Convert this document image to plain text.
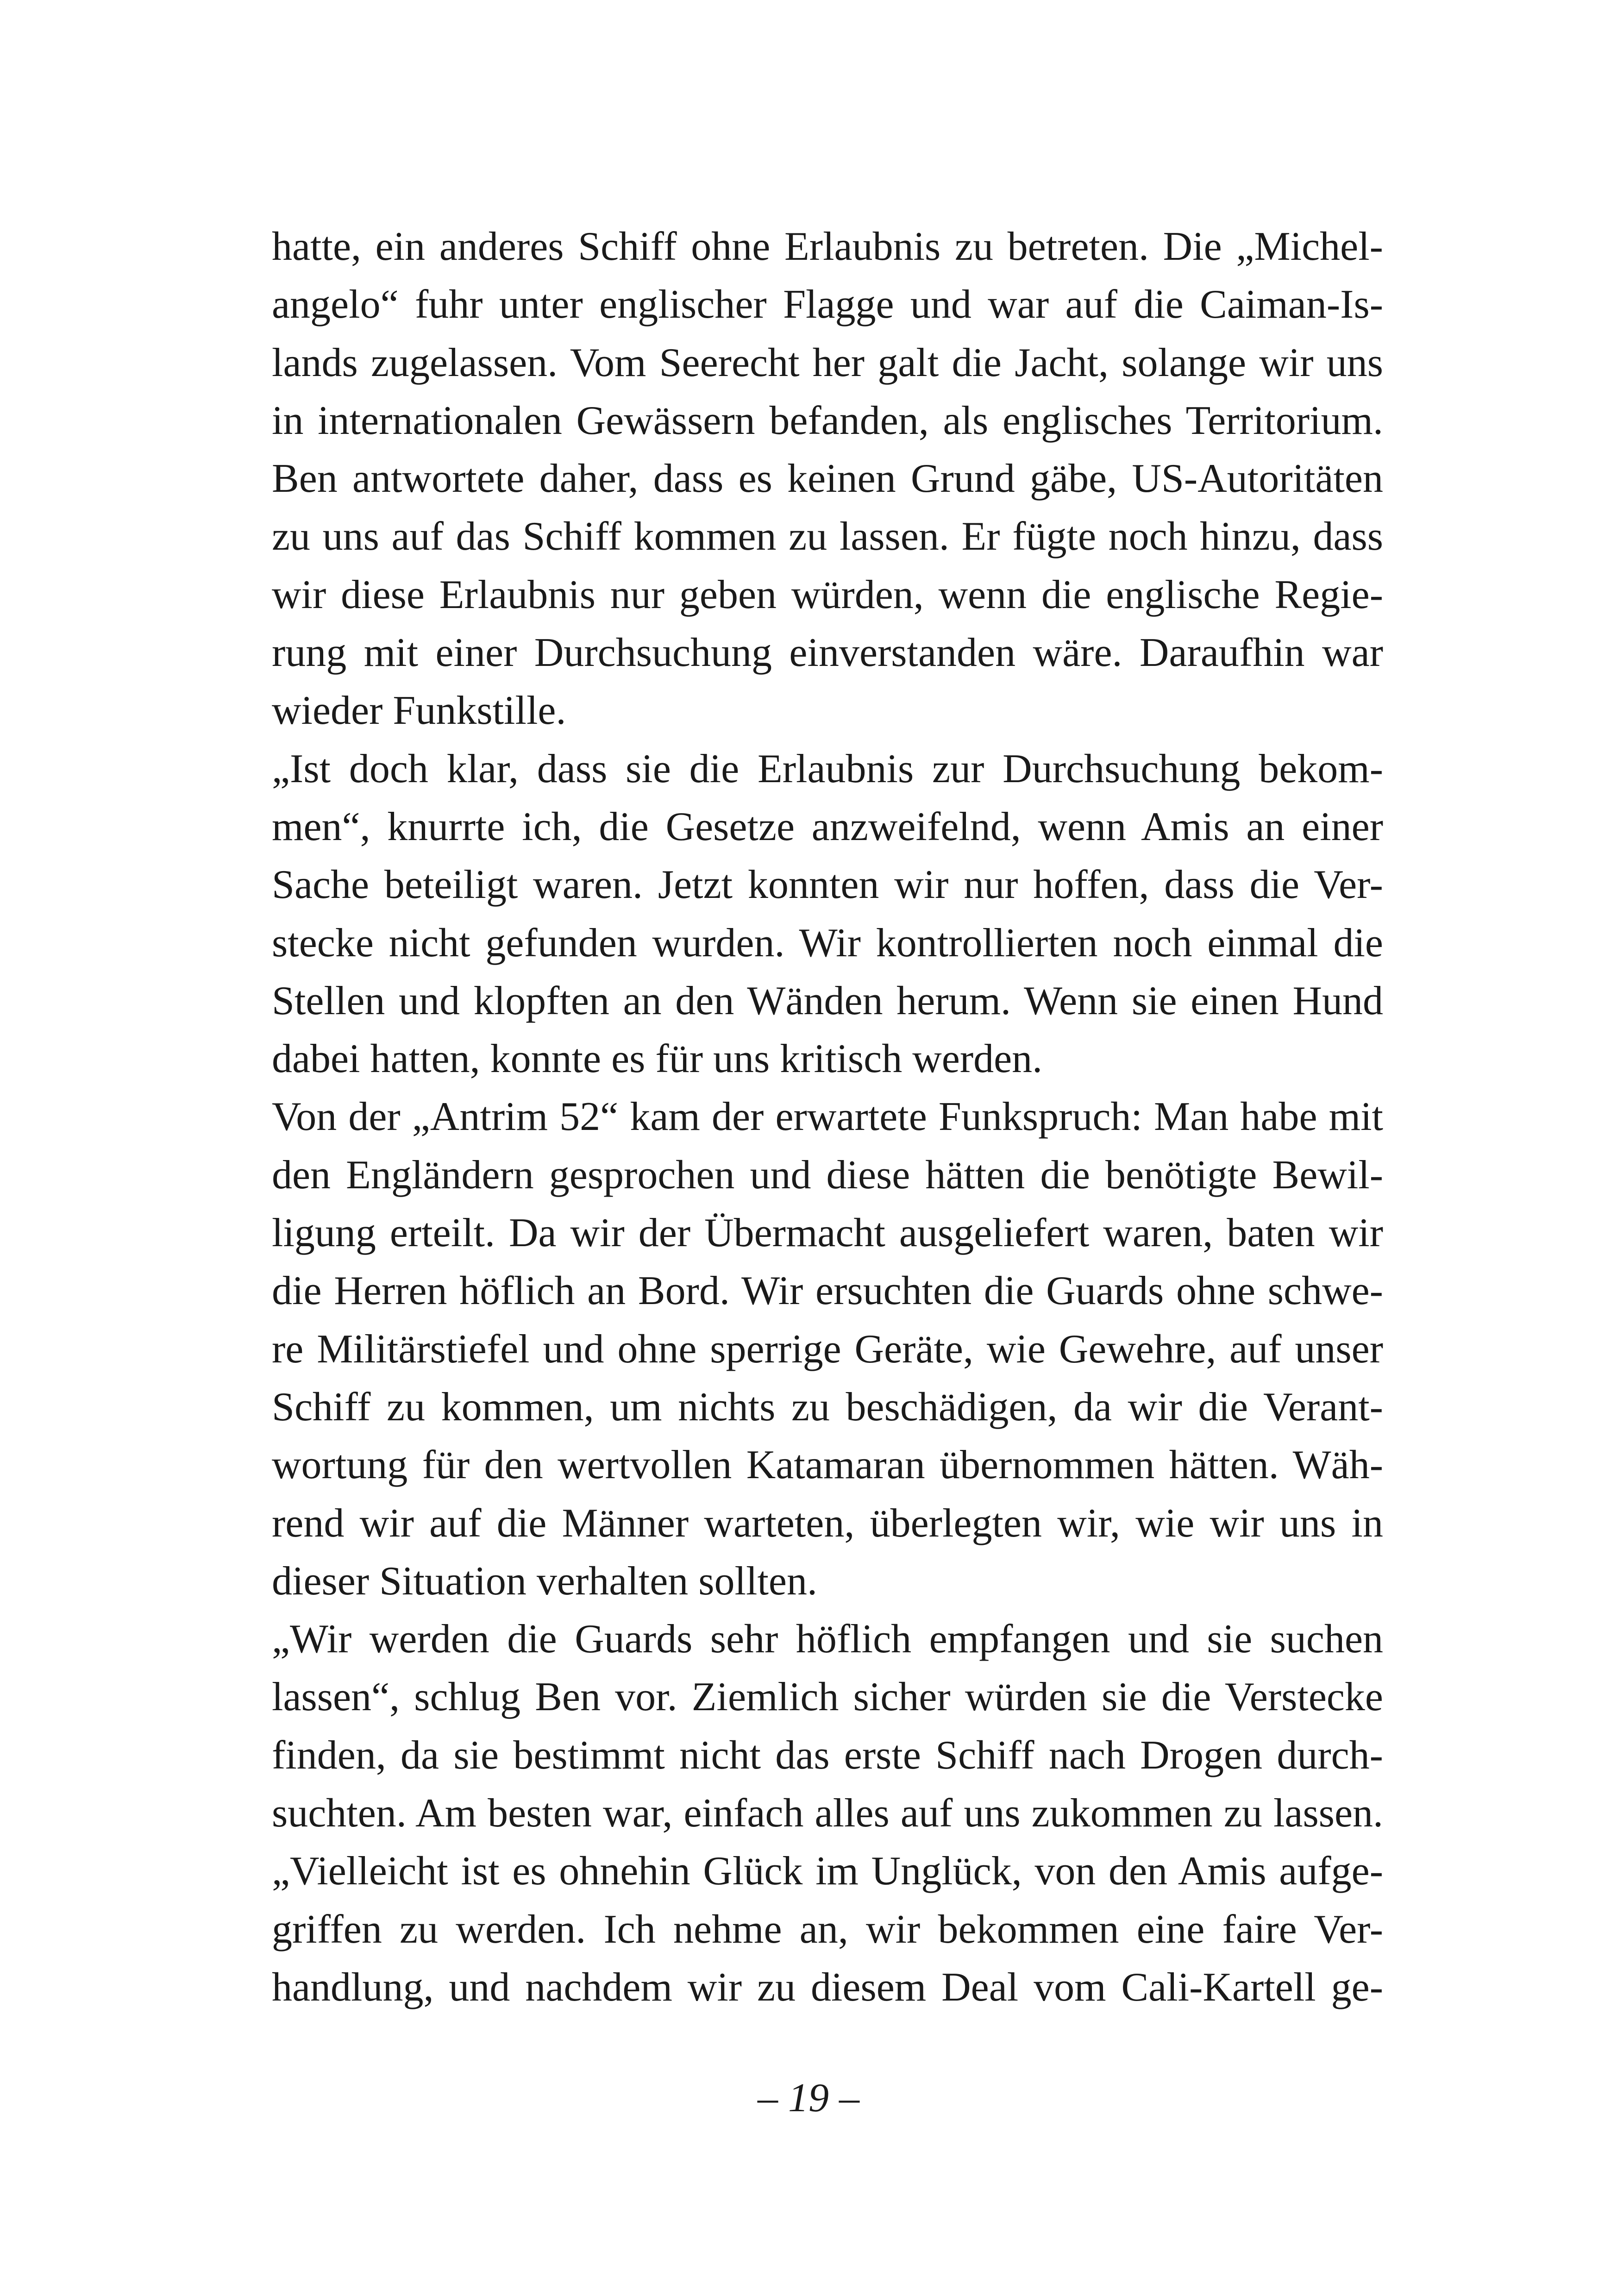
hatte, ein anderes Schiff ohne Erlaubnis zu betreten. Die „Michel-
angelo“ fuhr unter englischer Flagge und war auf die Caiman-Is-
lands zugelassen. Vom Seerecht her galt die Jacht, solange wir uns
in internationalen Gewässern befanden, als englisches Territorium.
Ben antwortete daher, dass es keinen Grund gäbe, US-Autoritäten
zu uns auf das Schiff kommen zu lassen. Er fügte noch hinzu, dass
wir diese Erlaubnis nur geben würden, wenn die englische Regie-
rung mit einer Durchsuchung einverstanden wäre. Daraufhin war
wieder Funkstille.
„Ist doch klar, dass sie die Erlaubnis zur Durchsuchung bekom-
men“, knurrte ich, die Gesetze anzweifelnd, wenn Amis an einer
Sache beteiligt waren. Jetzt konnten wir nur hoffen, dass die Ver-
stecke nicht gefunden wurden. Wir kontrollierten noch einmal die
Stellen und klopften an den Wänden herum. Wenn sie einen Hund
dabei hatten, konnte es für uns kritisch werden.
Von der „Antrim 52“ kam der erwartete Funkspruch: Man habe mit
den Engländern gesprochen und diese hätten die benötigte Bewil-
ligung erteilt. Da wir der Übermacht ausgeliefert waren, baten wir
die Herren höflich an Bord. Wir ersuchten die Guards ohne schwe-
re Militärstiefel und ohne sperrige Geräte, wie Gewehre, auf unser
Schiff zu kommen, um nichts zu beschädigen, da wir die Verant-
wortung für den wertvollen Katamaran übernommen hätten. Wäh-
rend wir auf die Männer warteten, überlegten wir, wie wir uns in
dieser Situation verhalten sollten.
„Wir werden die Guards sehr höflich empfangen und sie suchen
lassen“, schlug Ben vor. Ziemlich sicher würden sie die Verstecke
finden, da sie bestimmt nicht das erste Schiff nach Drogen durch-
suchten. Am besten war, einfach alles auf uns zukommen zu lassen.
„Vielleicht ist es ohnehin Glück im Unglück, von den Amis aufge-
griffen zu werden. Ich nehme an, wir bekommen eine faire Ver-
handlung, und nachdem wir zu diesem Deal vom Cali-Kartell ge-
– 19 –
